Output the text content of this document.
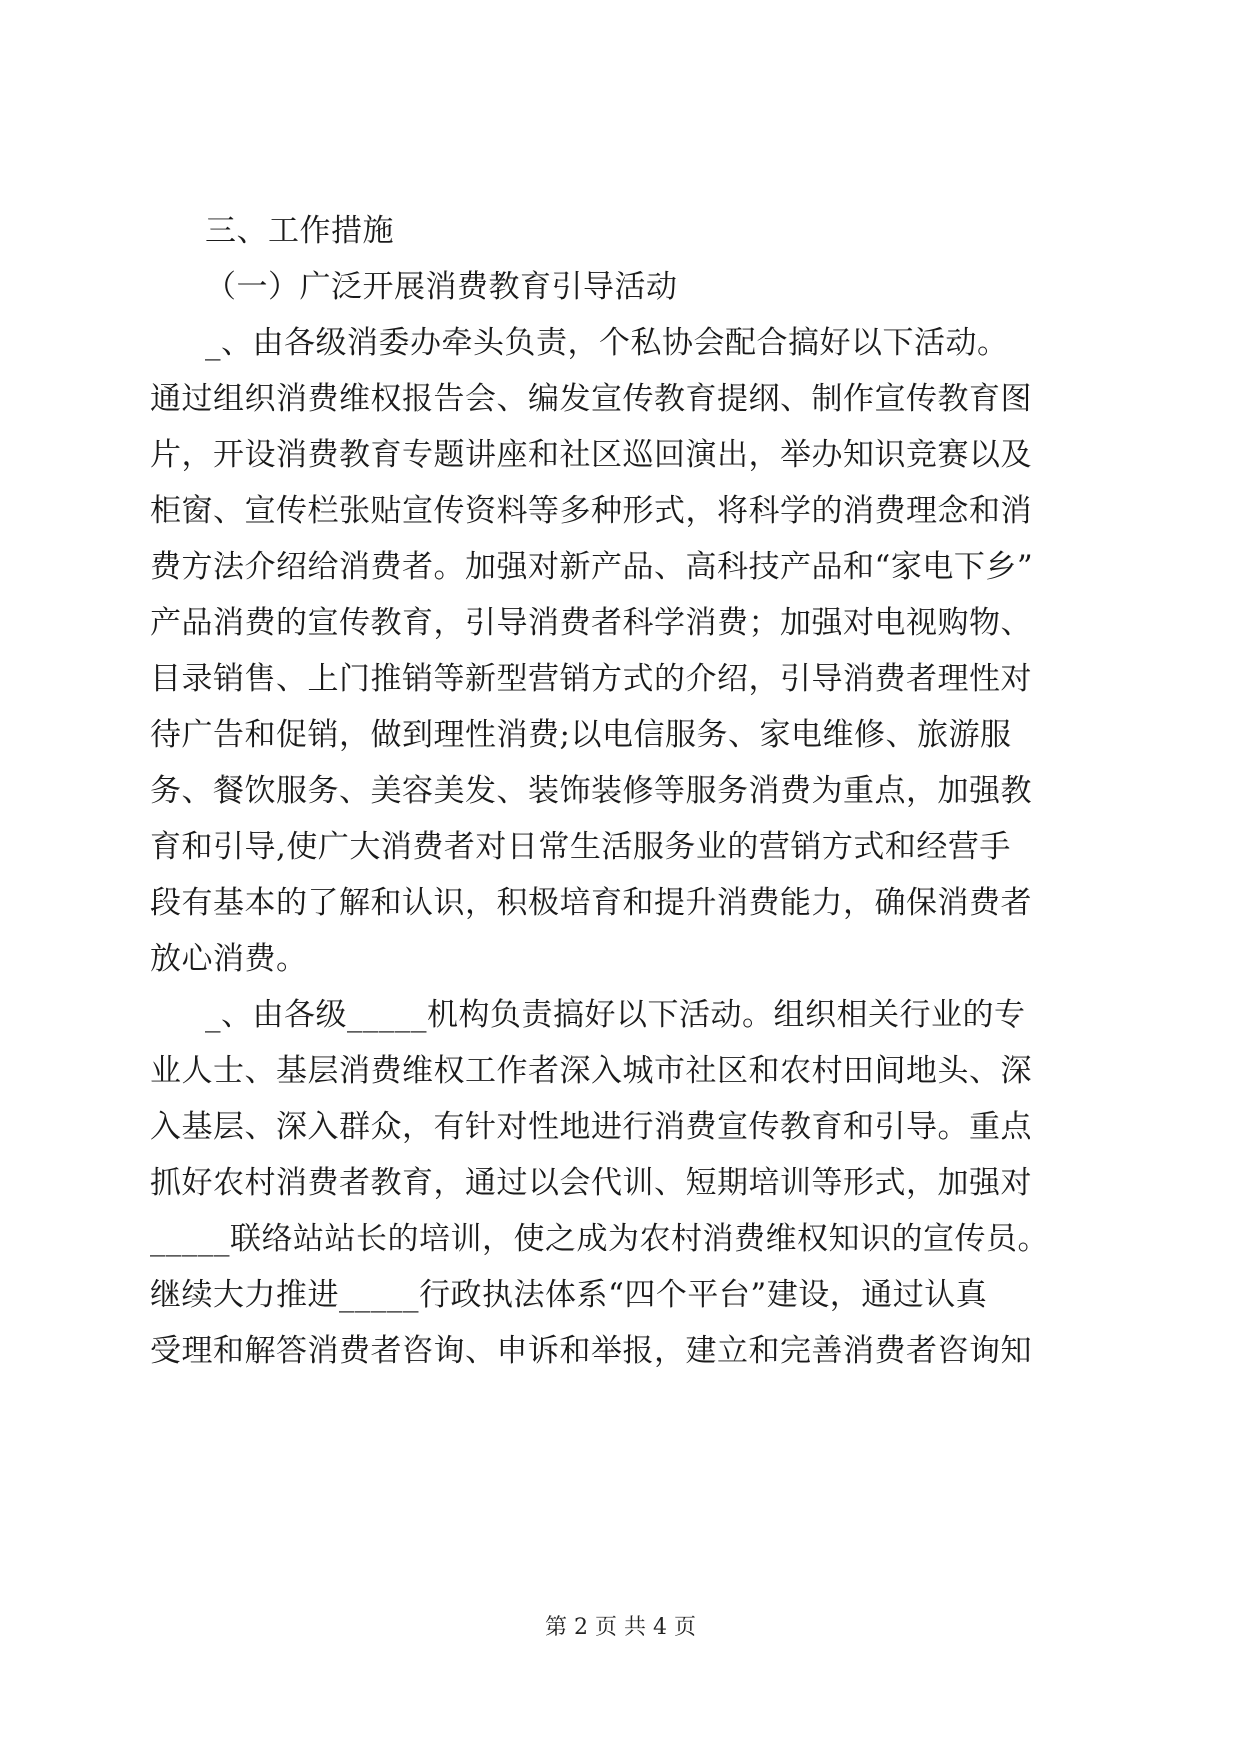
三、工作措施
（一）广泛开展消费教育引导活动
_、由各级消委办牵头负责，个私协会配合搞好以下活动。
通过组织消费维权报告会、编发宣传教育提纲、制作宣传教育图
片，开设消费教育专题讲座和社区巡回演出，举办知识竞赛以及
柜窗、宣传栏张贴宣传资料等多种形式，将科学的消费理念和消
费方法介绍给消费者。加强对新产品、高科技产品和“家电下乡”
产品消费的宣传教育，引导消费者科学消费；加强对电视购物、
目录销售、上门推销等新型营销方式的介绍，引导消费者理性对
待广告和促销，做到理性消费;以电信服务、家电维修、旅游服
务、餐饮服务、美容美发、装饰装修等服务消费为重点，加强教
育和引导,使广大消费者对日常生活服务业的营销方式和经营手
段有基本的了解和认识，积极培育和提升消费能力，确保消费者
放心消费。
_、由各级_____机构负责搞好以下活动。组织相关行业的专
业人士、基层消费维权工作者深入城市社区和农村田间地头、深
入基层、深入群众，有针对性地进行消费宣传教育和引导。重点
抓好农村消费者教育，通过以会代训、短期培训等形式，加强对
_____联络站站长的培训，使之成为农村消费维权知识的宣传员。
继续大力推进_____行政执法体系“四个平台”建设，通过认真
受理和解答消费者咨询、申诉和举报，建立和完善消费者咨询知
第 2 页 共 4 页
